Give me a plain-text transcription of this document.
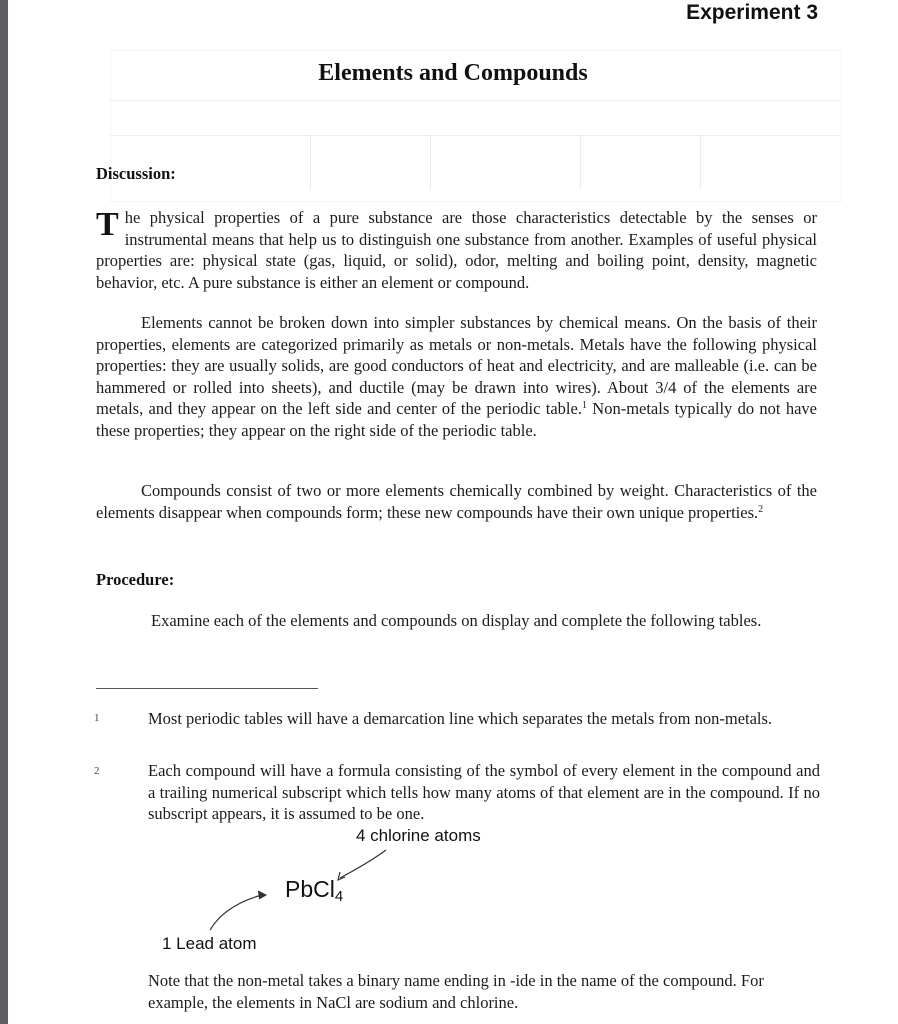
Experiment 3
Elements and Compounds
Discussion:

The physical properties of a pure substance are those characteristics detectable by the senses or instrumental means that help us to distinguish one substance from another. Examples of useful physical properties are: physical state (gas, liquid, or solid), odor, melting and boiling point, density, magnetic behavior, etc. A pure substance is either an element or compound.

Elements cannot be broken down into simpler substances by chemical means. On the basis of their properties, elements are categorized primarily as metals or non-metals. Metals have the following physical properties: they are usually solids, are good conductors of heat and electricity, and are malleable (i.e. can be hammered or rolled into sheets), and ductile (may be drawn into wires). About 3/4 of the elements are metals, and they appear on the left side and center of the periodic table.$^1$ Non-metals typically do not have these properties; they appear on the right side of the periodic table.

Compounds consist of two or more elements chemically combined by weight. Characteristics of the elements disappear when compounds form; these new compounds have their own unique properties.$^2$

Procedure:

Examine each of the elements and compounds on display and complete the following tables.

1	Most periodic tables will have a demarcation line which separates the metals from non-metals.

2	Each compound will have a formula consisting of the symbol of every element in the compound and a trailing numerical subscript which tells how many atoms of that element are in the compound. If no subscript appears, it is assumed to be one.

4 chlorine atoms
PbCl$_4$
1 Lead atom

Note that the non-metal takes a binary name ending in -ide in the name of the compound. For example, the elements in NaCl are sodium and chlorine.
